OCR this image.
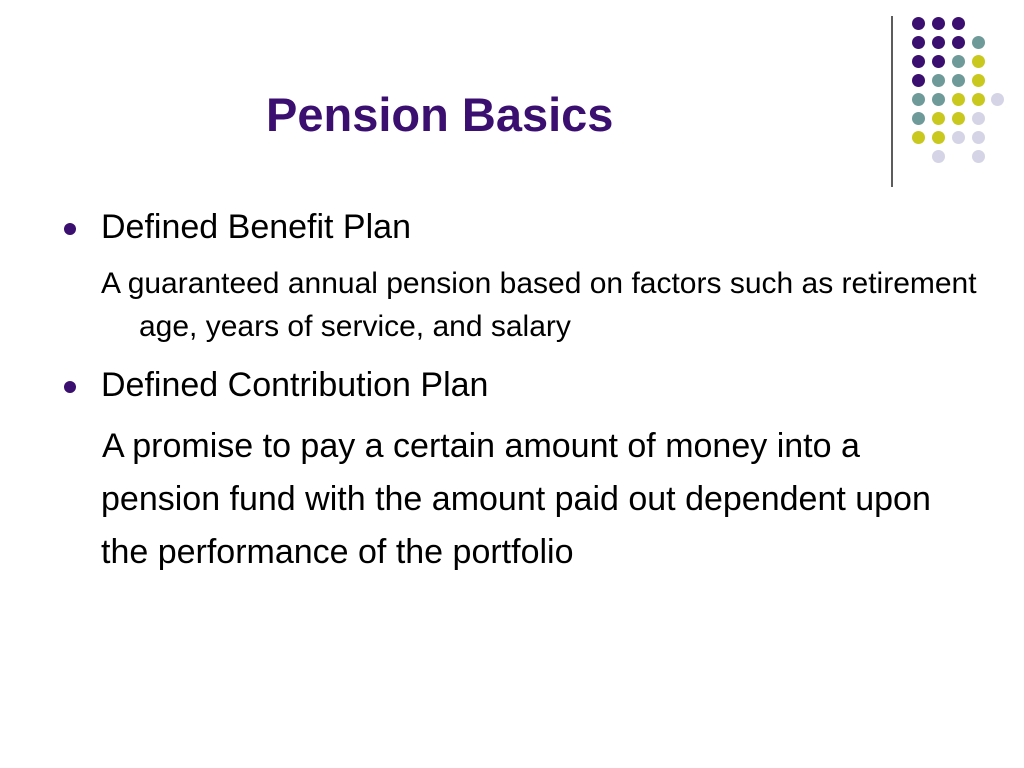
Pension Basics
Defined Benefit Plan
A guaranteed annual pension based on factors such as retirement age, years of service, and salary
Defined Contribution Plan
A promise to pay a certain amount of money into a pension fund with the amount paid out dependent upon the performance of the portfolio
